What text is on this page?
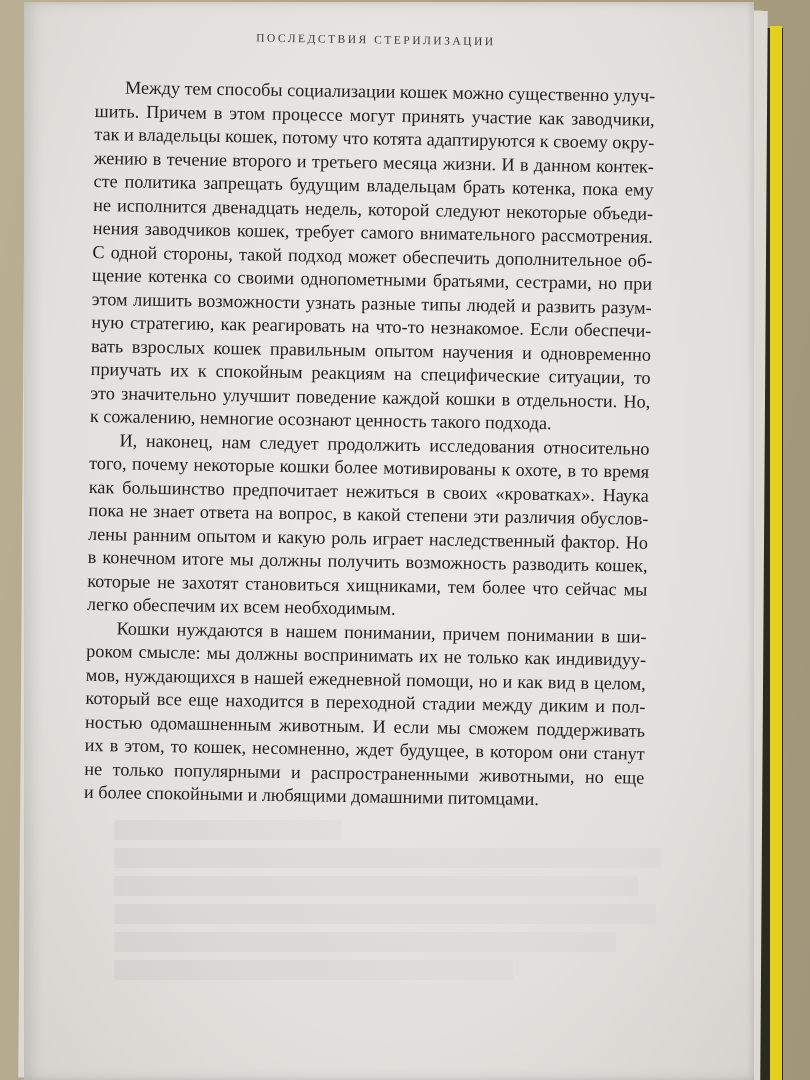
ПОСЛЕДСТВИЯ СТЕРИЛИЗАЦИИ
Между тем способы социализации кошек можно существенно улуч-
шить. Причем в этом процессе могут принять участие как заводчики,
так и владельцы кошек, потому что котята адаптируются к своему окру-
жению в течение второго и третьего месяца жизни. И в данном контек-
сте политика запрещать будущим владельцам брать котенка, пока ему
не исполнится двенадцать недель, которой следуют некоторые объеди-
нения заводчиков кошек, требует самого внимательного рассмотрения.
С одной стороны, такой подход может обеспечить дополнительное об-
щение котенка со своими однопометными братьями, сестрами, но при
этом лишить возможности узнать разные типы людей и развить разум-
ную стратегию, как реагировать на что-то незнакомое. Если обеспечи-
вать взрослых кошек правильным опытом научения и одновременно
приучать их к спокойным реакциям на специфические ситуации, то
это значительно улучшит поведение каждой кошки в отдельности. Но,
к сожалению, немногие осознают ценность такого подхода.
И, наконец, нам следует продолжить исследования относительно
того, почему некоторые кошки более мотивированы к охоте, в то время
как большинство предпочитает нежиться в своих «кроватках». Наука
пока не знает ответа на вопрос, в какой степени эти различия обуслов-
лены ранним опытом и какую роль играет наследственный фактор. Но
в конечном итоге мы должны получить возможность разводить кошек,
которые не захотят становиться хищниками, тем более что сейчас мы
легко обеспечим их всем необходимым.
Кошки нуждаются в нашем понимании, причем понимании в ши-
роком смысле: мы должны воспринимать их не только как индивидуу-
мов, нуждающихся в нашей ежедневной помощи, но и как вид в целом,
который все еще находится в переходной стадии между диким и пол-
ностью одомашненным животным. И если мы сможем поддерживать
их в этом, то кошек, несомненно, ждет будущее, в котором они станут
не только популярными и распространенными животными, но еще
и более спокойными и любящими домашними питомцами.
